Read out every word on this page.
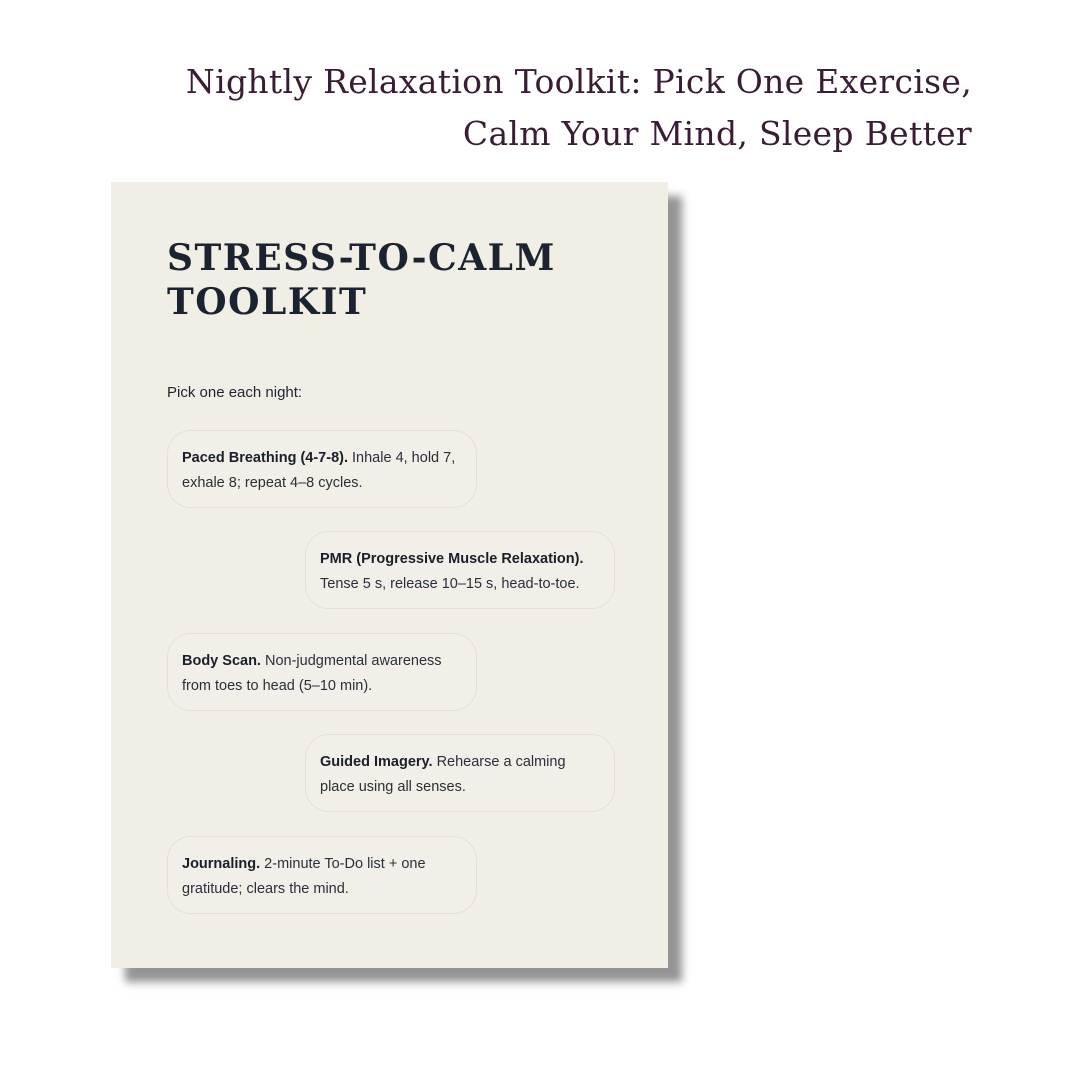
Nightly Relaxation Toolkit: Pick One Exercise,
Calm Your Mind, Sleep Better
STRESS-TO-CALM
TOOLKIT
Pick one each night:
Paced Breathing (4-7-8). Inhale 4, hold 7, exhale 8; repeat 4–8 cycles.
PMR (Progressive Muscle Relaxation). Tense 5 s, release 10–15 s, head-to-toe.
Body Scan. Non-judgmental awareness from toes to head (5–10 min).
Guided Imagery. Rehearse a calming place using all senses.
Journaling. 2-minute To-Do list + one gratitude; clears the mind.
